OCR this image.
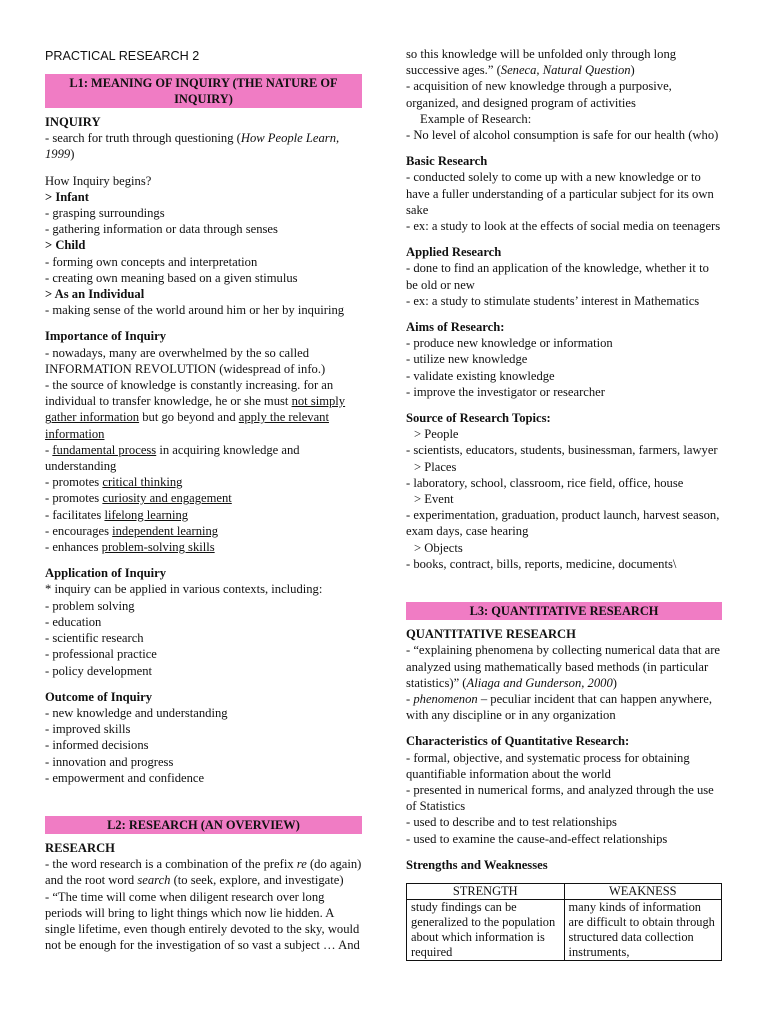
PRACTICAL RESEARCH 2
L1: MEANING OF INQUIRY (THE NATURE OF INQUIRY)
INQUIRY
- search for truth through questioning (How People Learn, 1999)
How Inquiry begins?
> Infant
- grasping surroundings
- gathering information or data through senses
> Child
- forming own concepts and interpretation
- creating own meaning based on a given stimulus
> As an Individual
- making sense of the world around him or her by inquiring
Importance of Inquiry
- nowadays, many are overwhelmed by the so called INFORMATION REVOLUTION (widespread of info.)
- the source of knowledge is constantly increasing. for an individual to transfer knowledge, he or she must not simply gather information but go beyond and apply the relevant information
- fundamental process in acquiring knowledge and understanding
- promotes critical thinking
- promotes curiosity and engagement
- facilitates lifelong learning
- encourages independent learning
- enhances problem-solving skills
Application of Inquiry
* inquiry can be applied in various contexts, including:
- problem solving
- education
- scientific research
- professional practice
- policy development
Outcome of Inquiry
- new knowledge and understanding
- improved skills
- informed decisions
- innovation and progress
- empowerment and confidence
L2: RESEARCH (AN OVERVIEW)
RESEARCH
- the word research is a combination of the prefix re (do again) and the root word search (to seek, explore, and investigate)
- “The time will come when diligent research over long periods will bring to light things which now lie hidden. A single lifetime, even though entirely devoted to the sky, would not be enough for the investigation of so vast a subject … And
so this knowledge will be unfolded only through long successive ages.” (Seneca, Natural Question)
- acquisition of new knowledge through a purposive, organized, and designed program of activities
Example of Research:
- No level of alcohol consumption is safe for our health (who)
Basic Research
- conducted solely to come up with a new knowledge or to have a fuller understanding of a particular subject for its own sake
- ex: a study to look at the effects of social media on teenagers
Applied Research
- done to find an application of the knowledge, whether it to be old or new
- ex: a study to stimulate students’ interest in Mathematics
Aims of Research:
- produce new knowledge or information
- utilize new knowledge
- validate existing knowledge
- improve the investigator or researcher
Source of Research Topics:
> People
- scientists, educators, students, businessman, farmers, lawyer
> Places
- laboratory, school, classroom, rice field, office, house
> Event
- experimentation, graduation, product launch, harvest season, exam days, case hearing
> Objects
- books, contract, bills, reports, medicine, documents\
L3: QUANTITATIVE RESEARCH
QUANTITATIVE RESEARCH
- “explaining phenomena by collecting numerical data that are analyzed using mathematically based methods (in particular statistics)” (Aliaga and Gunderson, 2000)
- phenomenon – peculiar incident that can happen anywhere, with any discipline or in any organization
Characteristics of Quantitative Research:
- formal, objective, and systematic process for obtaining quantifiable information about the world
- presented in numerical forms, and analyzed through the use of Statistics
- used to describe and to test relationships
- used to examine the cause-and-effect relationships
Strengths and Weaknesses
STRENGTH	WEAKNESS
study findings can be generalized to the population about which information is required	many kinds of information are difficult to obtain through structured data collection instruments,
